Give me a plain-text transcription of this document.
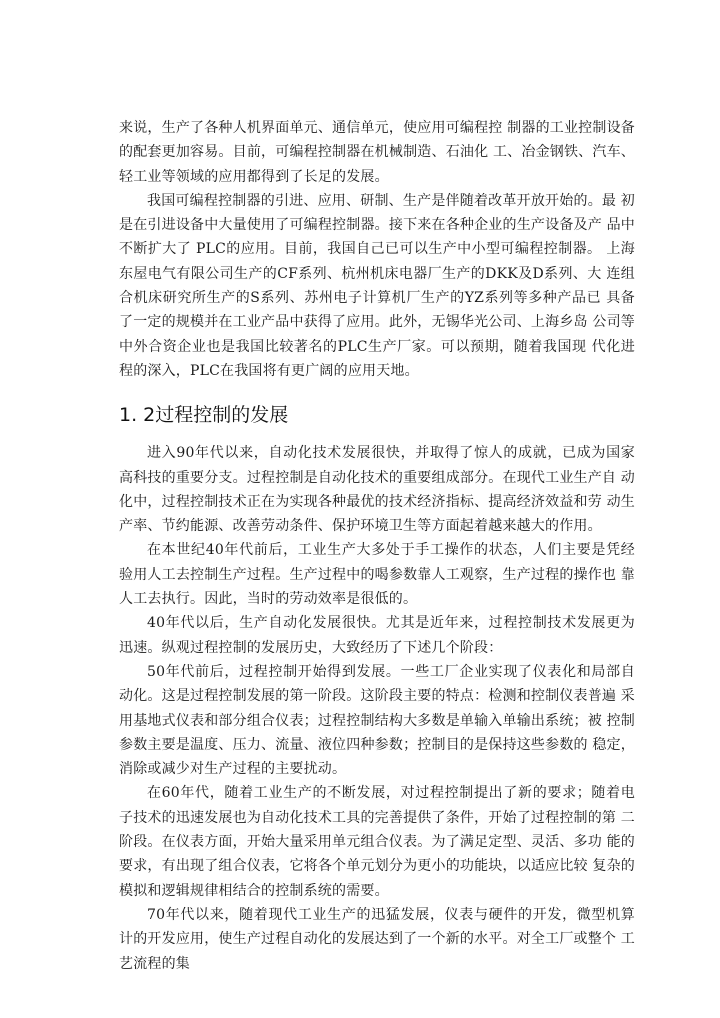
来说，生产了各种人机界面单元、通信单元，使应用可编程控 制器的工业控制设备的配套更加容易。目前，可编程控制器在机械制造、石油化 工、冶金钢铁、汽车、轻工业等领域的应用都得到了长足的发展。

我国可编程控制器的引进、应用、研制、生产是伴随着改革开放开始的。最 初是在引进设备中大量使用了可编程控制器。接下来在各种企业的生产设备及产 品中不断扩大了 PLC的应用。目前，我国自己已可以生产中小型可编程控制器。 上海东屋电气有限公司生产的CF系列、杭州机床电器厂生产的DKK及D系列、大 连组合机床研究所生产的S系列、苏州电子计算机厂生产的YZ系列等多种产品已 具备了一定的规模并在工业产品中获得了应用。此外，无锡华光公司、上海乡岛 公司等中外合资企业也是我国比较著名的PLC生产厂家。可以预期，随着我国现 代化进程的深入，PLC在我国将有更广阔的应用天地。

1. 2过程控制的发展

进入90年代以来，自动化技术发展很快，并取得了惊人的成就，已成为国家 高科技的重要分支。过程控制是自动化技术的重要组成部分。在现代工业生产自 动化中，过程控制技术正在为实现各种最优的技术经济指标、提高经济效益和劳 动生产率、节约能源、改善劳动条件、保护环境卫生等方面起着越来越大的作用。

在本世纪40年代前后，工业生产大多处于手工操作的状态，人们主要是凭经 验用人工去控制生产过程。生产过程中的喝参数靠人工观察，生产过程的操作也 靠人工去执行。因此，当时的劳动效率是很低的。

40年代以后，生产自动化发展很快。尤其是近年来，过程控制技术发展更为 迅速。纵观过程控制的发展历史，大致经历了下述几个阶段：

50年代前后，过程控制开始得到发展。一些工厂企业实现了仪表化和局部自 动化。这是过程控制发展的第一阶段。这阶段主要的特点：检测和控制仪表普遍 采用基地式仪表和部分组合仪表；过程控制结构大多数是单输入单输出系统；被 控制参数主要是温度、压力、流量、液位四种参数；控制目的是保持这些参数的 稳定，消除或减少对生产过程的主要扰动。

在60年代，随着工业生产的不断发展，对过程控制提出了新的要求；随着电 子技术的迅速发展也为自动化技术工具的完善提供了条件，开始了过程控制的第 二阶段。在仪表方面，开始大量采用单元组合仪表。为了满足定型、灵活、多功 能的要求，有出现了组合仪表，它将各个单元划分为更小的功能块，以适应比较 复杂的模拟和逻辑规律相结合的控制系统的需要。

70年代以来，随着现代工业生产的迅猛发展，仪表与硬件的开发，微型机算 计的开发应用，使生产过程自动化的发展达到了一个新的水平。对全工厂或整个 工艺流程的集
